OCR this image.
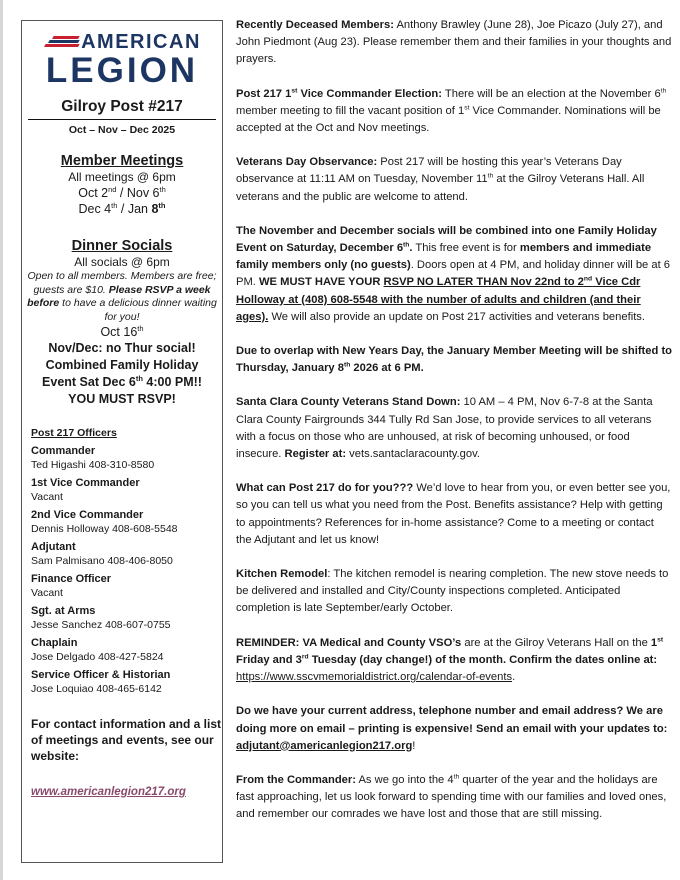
AMERICAN
LEGION
Gilroy Post #217
Oct – Nov – Dec 2025
Member Meetings
All meetings @ 6pm
Oct 2nd / Nov 6th
Dec 4th / Jan 8th
Dinner Socials
All socials @ 6pm
Open to all members. Members are free; guests are $10. Please RSVP a week before to have a delicious dinner waiting for you!
Oct 16th
Nov/Dec: no Thur social!
Combined Family Holiday
Event Sat Dec 6th 4:00 PM!!
YOU MUST RSVP!
Post 217 Officers
Commander
Ted Higashi 408-310-8580
1st Vice Commander
Vacant
2nd Vice Commander
Dennis Holloway 408-608-5548
Adjutant
Sam Palmisano 408-406-8050
Finance Officer
Vacant
Sgt. at Arms
Jesse Sanchez 408-607-0755
Chaplain
Jose Delgado 408-427-5824
Service Officer & Historian
Jose Loquiao 408-465-6142
For contact information and a list of meetings and events, see our website:
www.americanlegion217.org

Recently Deceased Members: Anthony Brawley (June 28), Joe Picazo (July 27), and John Piedmont (Aug 23). Please remember them and their families in your thoughts and prayers.

Post 217 1st Vice Commander Election: There will be an election at the November 6th member meeting to fill the vacant position of 1st Vice Commander. Nominations will be accepted at the Oct and Nov meetings.

Veterans Day Observance: Post 217 will be hosting this year’s Veterans Day observance at 11:11 AM on Tuesday, November 11th at the Gilroy Veterans Hall. All veterans and the public are welcome to attend.

The November and December socials will be combined into one Family Holiday Event on Saturday, December 6th. This free event is for members and immediate family members only (no guests). Doors open at 4 PM, and holiday dinner will be at 6 PM. WE MUST HAVE YOUR RSVP NO LATER THAN Nov 22nd to 2nd Vice Cdr Holloway at (408) 608-5548 with the number of adults and children (and their ages). We will also provide an update on Post 217 activities and veterans benefits.

Due to overlap with New Years Day, the January Member Meeting will be shifted to Thursday, January 8th 2026 at 6 PM.

Santa Clara County Veterans Stand Down: 10 AM – 4 PM, Nov 6-7-8 at the Santa Clara County Fairgrounds 344 Tully Rd San Jose, to provide services to all veterans with a focus on those who are unhoused, at risk of becoming unhoused, or food insecure. Register at: vets.santaclaracounty.gov.

What can Post 217 do for you??? We’d love to hear from you, or even better see you, so you can tell us what you need from the Post. Benefits assistance? Help with getting to appointments? References for in-home assistance? Come to a meeting or contact the Adjutant and let us know!

Kitchen Remodel: The kitchen remodel is nearing completion. The new stove needs to be delivered and installed and City/County inspections completed. Anticipated completion is late September/early October.

REMINDER: VA Medical and County VSO’s are at the Gilroy Veterans Hall on the 1st Friday and 3rd Tuesday (day change!) of the month. Confirm the dates online at: https://www.sscvmemorialdistrict.org/calendar-of-events.

Do we have your current address, telephone number and email address? We are doing more on email – printing is expensive! Send an email with your updates to: adjutant@americanlegion217.org!

From the Commander: As we go into the 4th quarter of the year and the holidays are fast approaching, let us look forward to spending time with our families and loved ones, and remember our comrades we have lost and those that are still missing.
